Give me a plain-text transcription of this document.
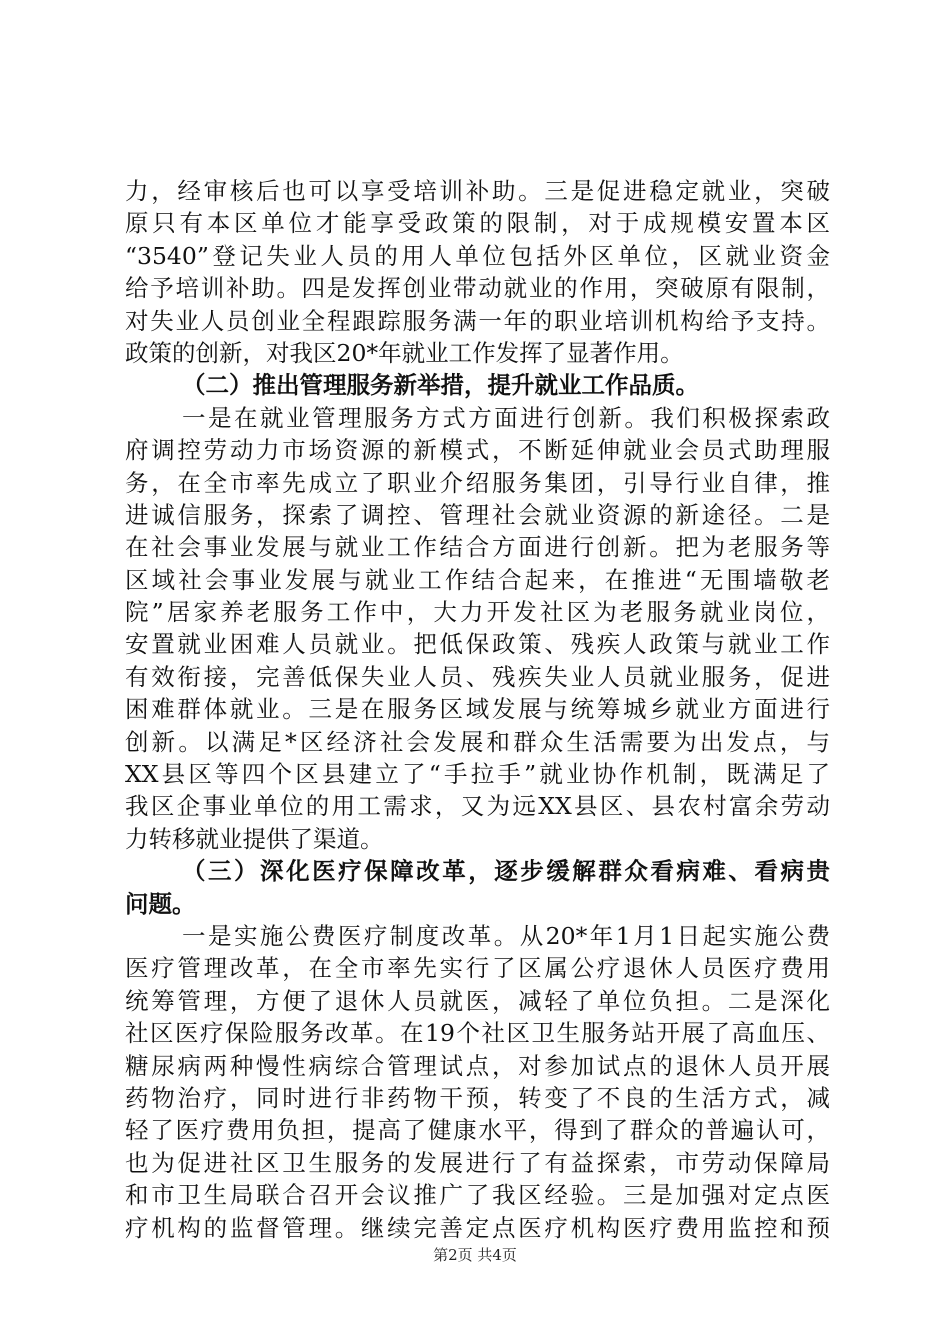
力，经审核后也可以享受培训补助。三是促进稳定就业，突破
原只有本区单位才能享受政策的限制，对于成规模安置本区
“3540”登记失业人员的用人单位包括外区单位，区就业资金
给予培训补助。四是发挥创业带动就业的作用，突破原有限制，
对失业人员创业全程跟踪服务满一年的职业培训机构给予支持。
政策的创新，对我区20*年就业工作发挥了显著作用。
（二）推出管理服务新举措，提升就业工作品质。
一是在就业管理服务方式方面进行创新。我们积极探索政
府调控劳动力市场资源的新模式，不断延伸就业会员式助理服
务，在全市率先成立了职业介绍服务集团，引导行业自律，推
进诚信服务，探索了调控、管理社会就业资源的新途径。二是
在社会事业发展与就业工作结合方面进行创新。把为老服务等
区域社会事业发展与就业工作结合起来，在推进“无围墙敬老
院”居家养老服务工作中，大力开发社区为老服务就业岗位，
安置就业困难人员就业。把低保政策、残疾人政策与就业工作
有效衔接，完善低保失业人员、残疾失业人员就业服务，促进
困难群体就业。三是在服务区域发展与统筹城乡就业方面进行
创新。以满足*区经济社会发展和群众生活需要为出发点，与
XX县区等四个区县建立了“手拉手”就业协作机制，既满足了
我区企事业单位的用工需求，又为远XX县区、县农村富余劳动
力转移就业提供了渠道。
（三）深化医疗保障改革，逐步缓解群众看病难、看病贵
问题。
一是实施公费医疗制度改革。从20*年1月1日起实施公费
医疗管理改革，在全市率先实行了区属公疗退休人员医疗费用
统筹管理，方便了退休人员就医，减轻了单位负担。二是深化
社区医疗保险服务改革。在19个社区卫生服务站开展了高血压、
糖尿病两种慢性病综合管理试点，对参加试点的退休人员开展
药物治疗，同时进行非药物干预，转变了不良的生活方式，减
轻了医疗费用负担，提高了健康水平，得到了群众的普遍认可，
也为促进社区卫生服务的发展进行了有益探索，市劳动保障局
和市卫生局联合召开会议推广了我区经验。三是加强对定点医
疗机构的监督管理。继续完善定点医疗机构医疗费用监控和预
第2页 共4页
